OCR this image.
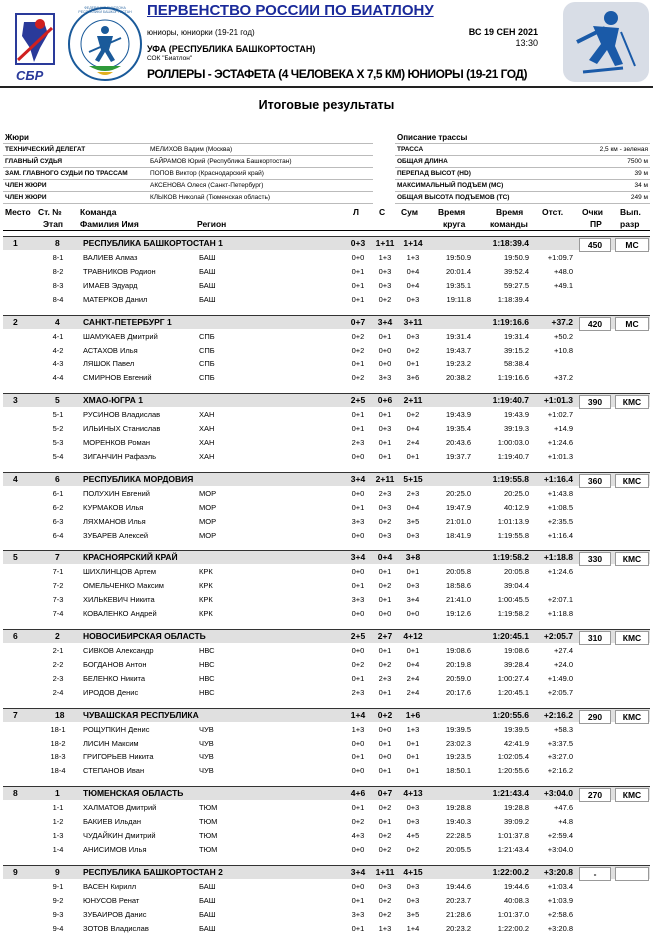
СБР
ФЕДЕРАЦИЯ БИАТЛОНА РЕСПУБЛИКИ БАШКОРТОСТАН	ПЕРВЕНСТВО РОССИИ ПО БИАТЛОНУ
юниоры, юниорки (19-21 год)	ВС 19 СЕН 2021
13:30
УФА (РЕСПУБЛИКА БАШКОРТОСТАН)
СОК "Биатлон"
РОЛЛЕРЫ - ЭСТАФЕТА (4 ЧЕЛОВЕКА Х 7,5 КМ) ЮНИОРЫ (19-21 ГОД)
Итоговые результаты
Жюри
ТЕХНИЧЕСКИЙ ДЕЛЕГАТ	МЕЛИХОВ Вадим (Москва)
ГЛАВНЫЙ СУДЬЯ	БАЙРАМОВ Юрий (Республика Башкортостан)
ЗАМ. ГЛАВНОГО СУДЬИ ПО ТРАССАМ	ПОПОВ Виктор (Краснодарский край)
ЧЛЕН ЖЮРИ	АКСЕНОВА Олеся (Санкт-Петербург)
ЧЛЕН ЖЮРИ	КЛЫКОВ Николай (Тюменская область)
Описание трассы
ТРАССА	2,5 км - зеленая
ОБЩАЯ ДЛИНА	7500 м
ПЕРЕПАД ВЫСОТ (HD)	39 м
МАКСИМАЛЬНЫЙ ПОДЪЕМ (MC)	34 м
ОБЩАЯ ВЫСОТА ПОДЪЕМОВ (TC)	249 м
Место Ст. №
Этап
Команда
Фамилия Имя	Регион
Л С Сум Время
круга
Время
команды
Отст. Очки
ПР
Вып.
разр
1	8	РЕСПУБЛИКА БАШКОРТОСТАН 1	0+3	1+11	1+14	1:18:39.4	450	МС
8-1	ВАЛИЕВ Алмаз	БАШ	0+0	1+3	1+3	19:50.9	19:50.9	+1:09.7
8-2	ТРАВНИКОВ Родион	БАШ	0+1	0+3	0+4	20:01.4	39:52.4	+48.0
8-3	ИМАЕВ Эдуард	БАШ	0+1	0+3	0+4	19:35.1	59:27.5	+49.1
8-4	МАТЕРКОВ Данил	БАШ	0+1	0+2	0+3	19:11.8	1:18:39.4
2	4	САНКТ-ПЕТЕРБУРГ 1	0+7	3+4	3+11	1:19:16.6	+37.2	420	МС
4-1	ШАМУКАЕВ Дмитрий	СПБ	0+2	0+1	0+3	19:31.4	19:31.4	+50.2
4-2	АСТАХОВ Илья	СПБ	0+2	0+0	0+2	19:43.7	39:15.2	+10.8
4-3	ЛЯШОК Павел	СПБ	0+1	0+0	0+1	19:23.2	58:38.4
4-4	СМИРНОВ Евгений	СПБ	0+2	3+3	3+6	20:38.2	1:19:16.6	+37.2
3	5	ХМАО-ЮГРА 1	2+5	0+6	2+11	1:19:40.7 +1:01.3	390	КМС
5-1	РУСИНОВ Владислав	ХАН	0+1	0+1	0+2	19:43.9	19:43.9	+1:02.7
5-2	ИЛЬИНЫХ Станислав	ХАН	0+1	0+3	0+4	19:35.4	39:19.3	+14.9
5-3	МОРЕНКОВ Роман	ХАН	2+3	0+1	2+4	20:43.6	1:00:03.0	+1:24.6
5-4	ЗИГАНЧИН Рафаэль	ХАН	0+0	0+1	0+1	19:37.7	1:19:40.7	+1:01.3
4	6	РЕСПУБЛИКА МОРДОВИЯ	3+4	2+11	5+15	1:19:55.8 +1:16.4	360	КМС
6-1	ПОЛУХИН Евгений	МОР	0+0	2+3	2+3	20:25.0	20:25.0	+1:43.8
6-2	КУРМАКОВ Илья	МОР	0+1	0+3	0+4	19:47.9	40:12.9	+1:08.5
6-3	ЛЯХМАНОВ Илья	МОР	3+3	0+2	3+5	21:01.0	1:01:13.9	+2:35.5
6-4	ЗУБАРЕВ Алексей	МОР	0+0	0+3	0+3	18:41.9	1:19:55.8	+1:16.4
5	7	КРАСНОЯРСКИЙ КРАЙ	3+4	0+4	3+8	1:19:58.2 +1:18.8	330	КМС
7-1	ШИХЛИНЦОВ Артем	КРК	0+0	0+1	0+1	20:05.8	20:05.8	+1:24.6
7-2	ОМЕЛЬЧЕНКО Максим	КРК	0+1	0+2	0+3	18:58.6	39:04.4
7-3	ХИЛЬКЕВИЧ Никита	КРК	3+3	0+1	3+4	21:41.0	1:00:45.5	+2:07.1
7-4	КОВАЛЕНКО Андрей	КРК	0+0	0+0	0+0	19:12.6	1:19:58.2	+1:18.8
6	2	НОВОСИБИРСКАЯ ОБЛАСТЬ	2+5	2+7	4+12	1:20:45.1 +2:05.7	310	КМС
2-1	СИВКОВ Александр	НВС	0+0	0+1	0+1	19:08.6	19:08.6	+27.4
2-2	БОГДАНОВ Антон	НВС	0+2	0+2	0+4	20:19.8	39:28.4	+24.0
2-3	БЕЛЕНКО Никита	НВС	0+1	2+3	2+4	20:59.0	1:00:27.4	+1:49.0
2-4	ИРОДОВ Денис	НВС	2+3	0+1	2+4	20:17.6	1:20:45.1	+2:05.7
7	18 ЧУВАШСКАЯ РЕСПУБЛИКА	1+4	0+2	1+6	1:20:55.6 +2:16.2	290	КМС
18-1	РОЩУПКИН Денис	ЧУВ	1+3	0+0	1+3	19:39.5	19:39.5	+58.3
18-2	ЛИСИН Максим	ЧУВ	0+0	0+1	0+1	23:02.3	42:41.9	+3:37.5
18-3	ГРИГОРЬЕВ Никита	ЧУВ	0+1	0+0	0+1	19:23.5	1:02:05.4	+3:27.0
18-4	СТЕПАНОВ Иван	ЧУВ	0+0	0+1	0+1	18:50.1	1:20:55.6	+2:16.2
8	1	ТЮМЕНСКАЯ ОБЛАСТЬ	4+6	0+7	4+13	1:21:43.4 +3:04.0	270	КМС
1-1	ХАЛМАТОВ Дмитрий	ТЮМ	0+1	0+2	0+3	19:28.8	19:28.8	+47.6
1-2	БАКИЕВ Ильдан	ТЮМ	0+2	0+1	0+3	19:40.3	39:09.2	+4.8
1-3	ЧУДАЙКИН Дмитрий	ТЮМ	4+3	0+2	4+5	22:28.5	1:01:37.8	+2:59.4
1-4	АНИСИМОВ Илья	ТЮМ	0+0	0+2	0+2	20:05.5	1:21:43.4	+3:04.0
9	9	РЕСПУБЛИКА БАШКОРТОСТАН 2	3+4	1+11	4+15	1:22:00.2 +3:20.8	-
9-1	ВАСЕН Кирилл	БАШ	0+0	0+3	0+3	19:44.6	19:44.6	+1:03.4
9-2	ЮНУСОВ Ренат	БАШ	0+1	0+2	0+3	20:23.7	40:08.3	+1:03.9
9-3	ЗУБАИРОВ Данис	БАШ	3+3	0+2	3+5	21:28.6	1:01:37.0	+2:58.6
9-4	ЗОТОВ Владислав	БАШ	0+1	1+3	1+4	20:23.2	1:22:00.2	+3:20.8
